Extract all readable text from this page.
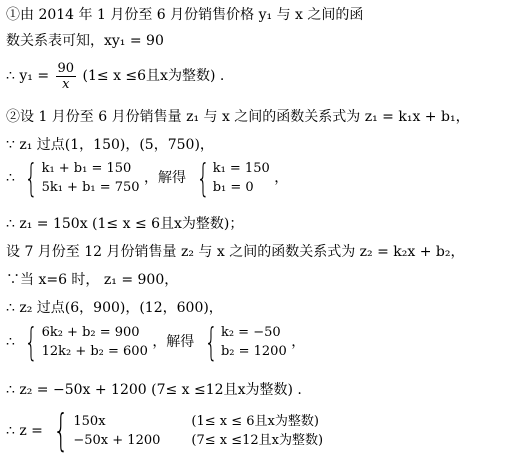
①由 2014 年 1 月份至 6 月份销售价格 y₁ 与 x 之间的函
数关系表可知，xy₁ = 90
∴ $y_1 = \frac{90}{x} (1\le x \le 6$且x为整数) .
②设 1 月份至 6 月份销售量 z₁ 与 x 之间的函数关系式为 z₁ = k₁x + b₁，
∵ z₁ 过点(1，150)，(5，750)，
∴ { k₁ + b₁ = 150
5k₁ + b₁ = 750
，解得 { k₁ = 150
b₁ = 0
，
∴ z₁ = 150x (1≤ x ≤ 6且x为整数)；
设 7 月份至 12 月份销售量 z₂ 与 x 之间的函数关系式为 z₂ = k₂x + b₂，
∵当 x=6 时， z₁ = 900，
∴ z₂ 过点(6，900)，(12，600)，
∴ { 6k₂ + b₂ = 900
12k₂ + b₂ = 600
，解得 { k₂ = −50
b₂ = 1200
，
∴ z₂ = −50x + 1200 (7≤ x ≤12且x为整数) .
∴ z = { 150x	(1≤ x ≤ 6且x为整数)
−50x + 1200 (7≤ x ≤12且x为整数)
